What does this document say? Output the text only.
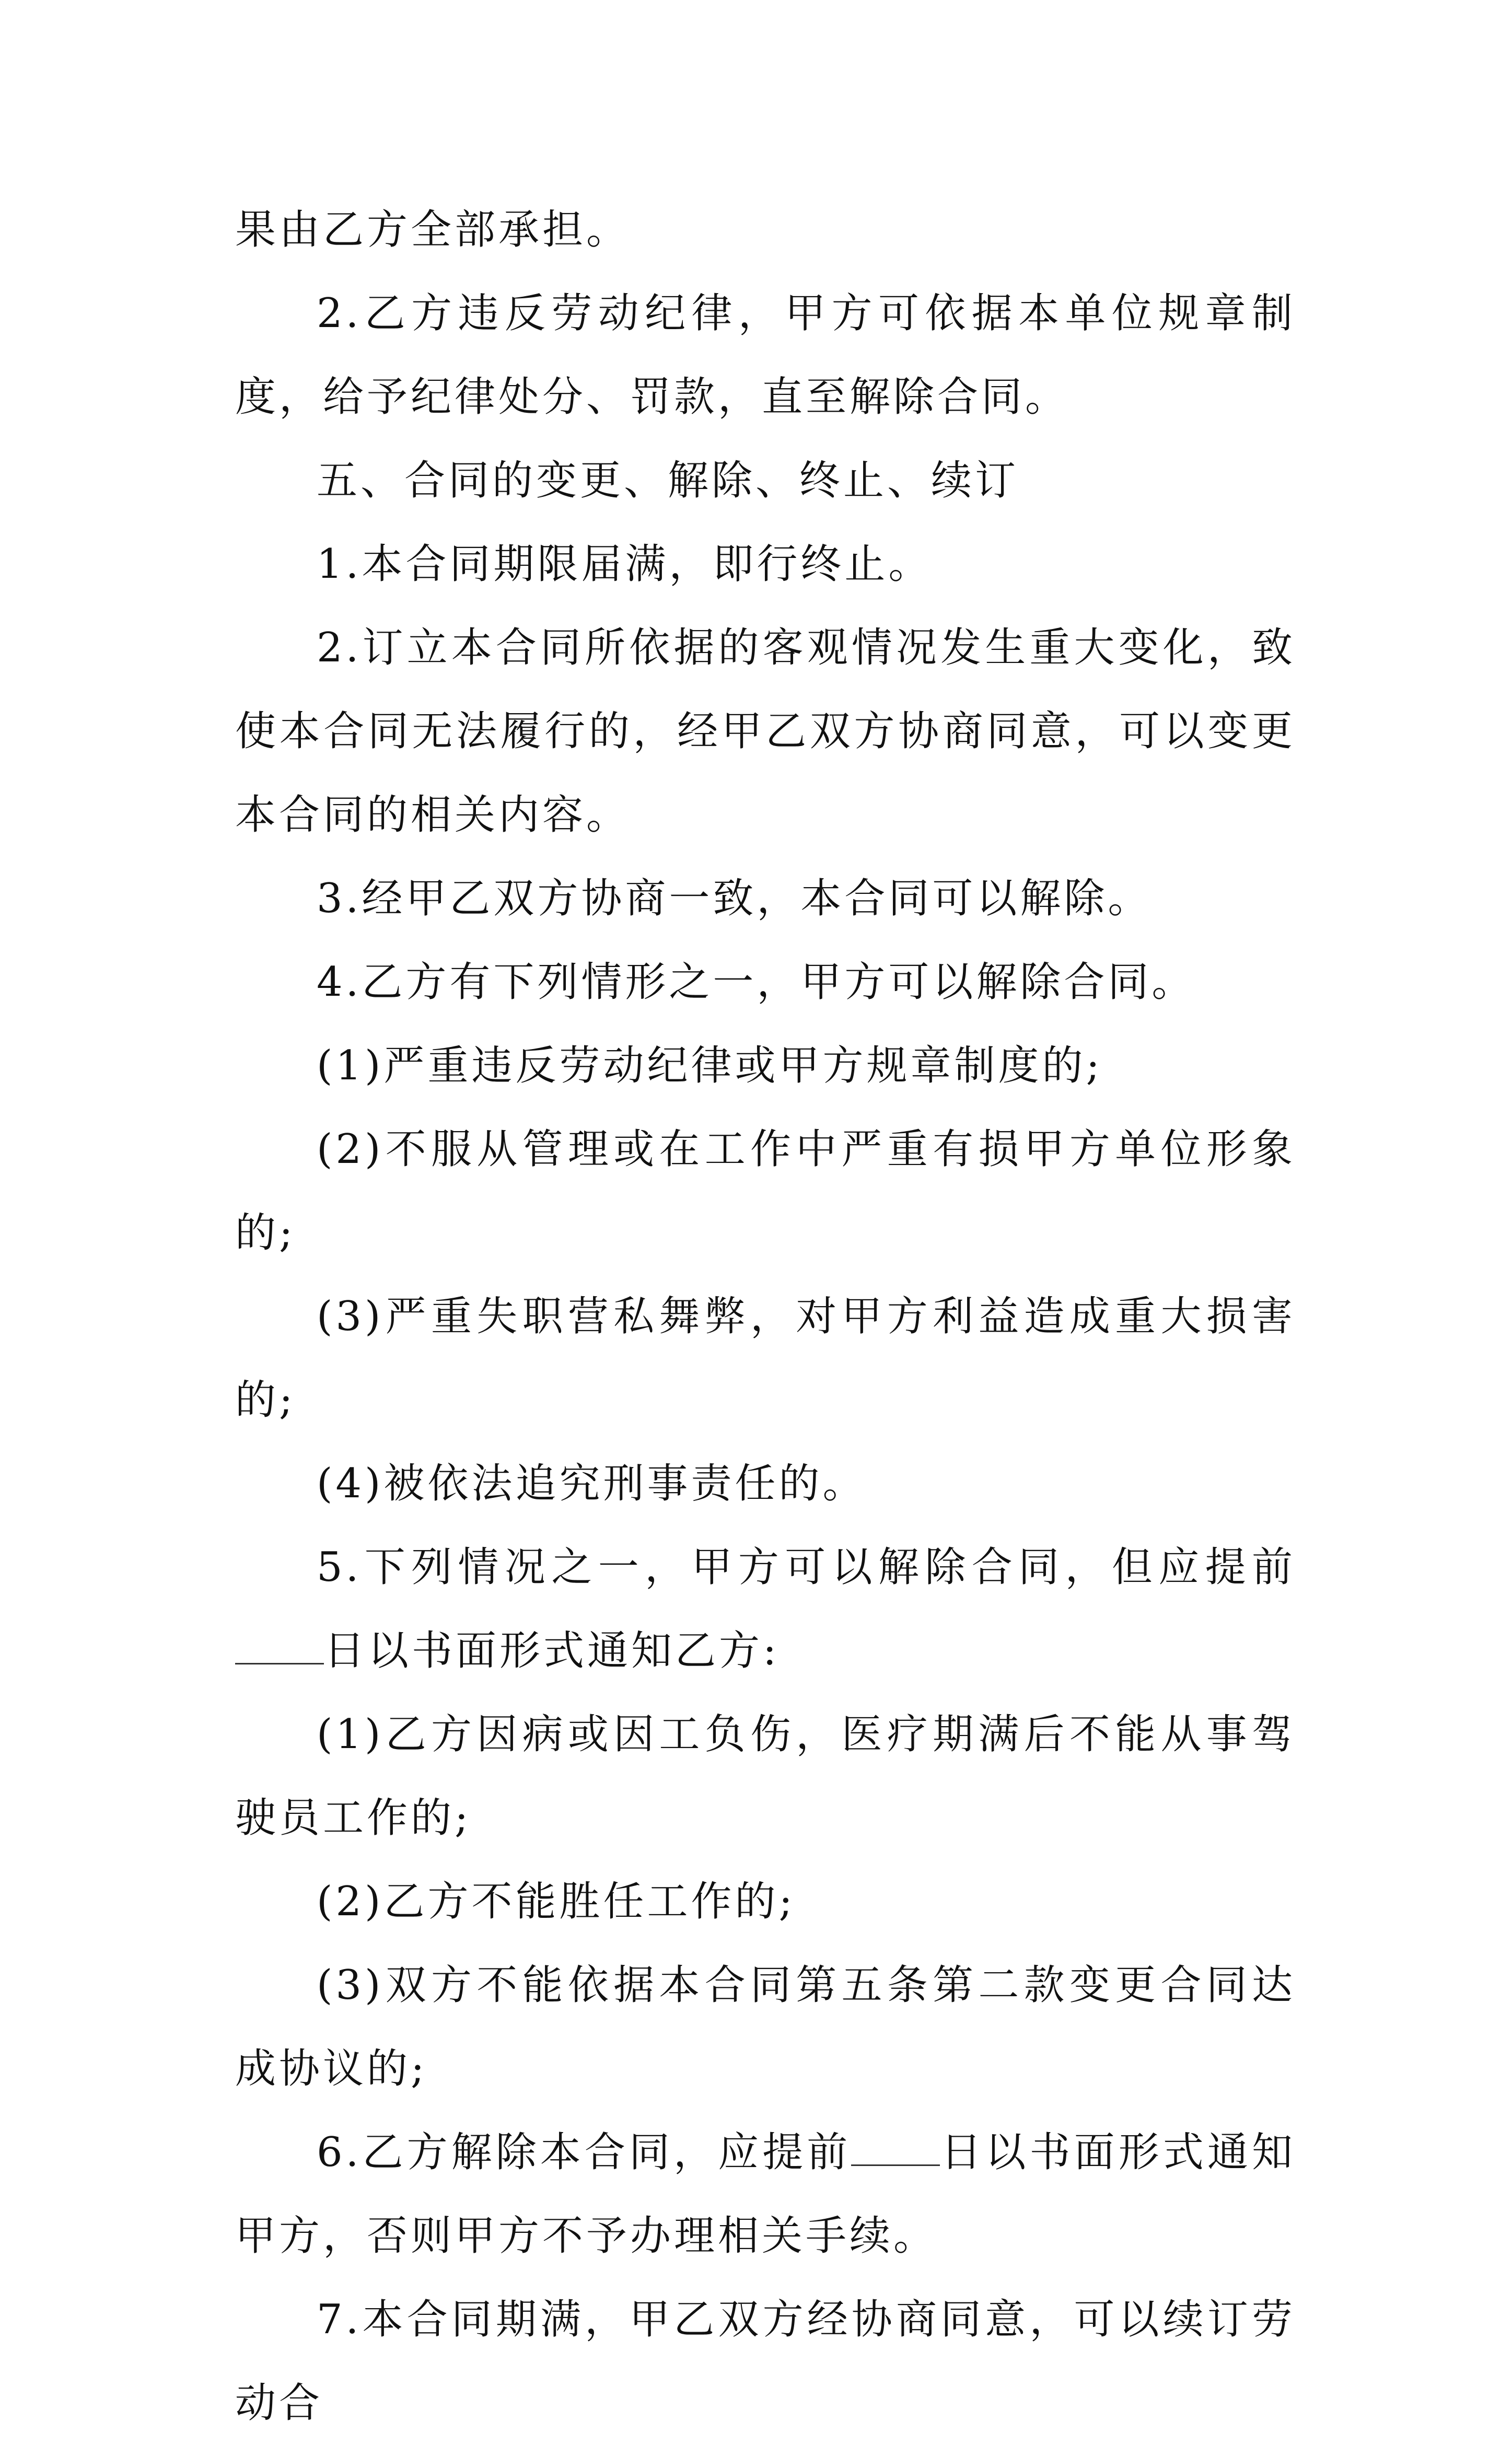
果由乙方全部承担。

2.乙方违反劳动纪律，甲方可依据本单位规章制度，给予纪律处分、罚款，直至解除合同。

五、合同的变更、解除、终止、续订

1.本合同期限届满，即行终止。

2.订立本合同所依据的客观情况发生重大变化，致使本合同无法履行的，经甲乙双方协商同意，可以变更本合同的相关内容。

3.经甲乙双方协商一致，本合同可以解除。

4.乙方有下列情形之一，甲方可以解除合同。

(1)严重违反劳动纪律或甲方规章制度的;

(2)不服从管理或在工作中严重有损甲方单位形象的;

(3)严重失职营私舞弊，对甲方利益造成重大损害的;

(4)被依法追究刑事责任的。

5.下列情况之一，甲方可以解除合同，但应提前日以书面形式通知乙方:

(1)乙方因病或因工负伤，医疗期满后不能从事驾驶员工作的;

(2)乙方不能胜任工作的;

(3)双方不能依据本合同第五条第二款变更合同达成协议的;

6.乙方解除本合同，应提前 日以书面形式通知甲方，否则甲方不予办理相关手续。

7.本合同期满，甲乙双方经协商同意，可以续订劳动合
